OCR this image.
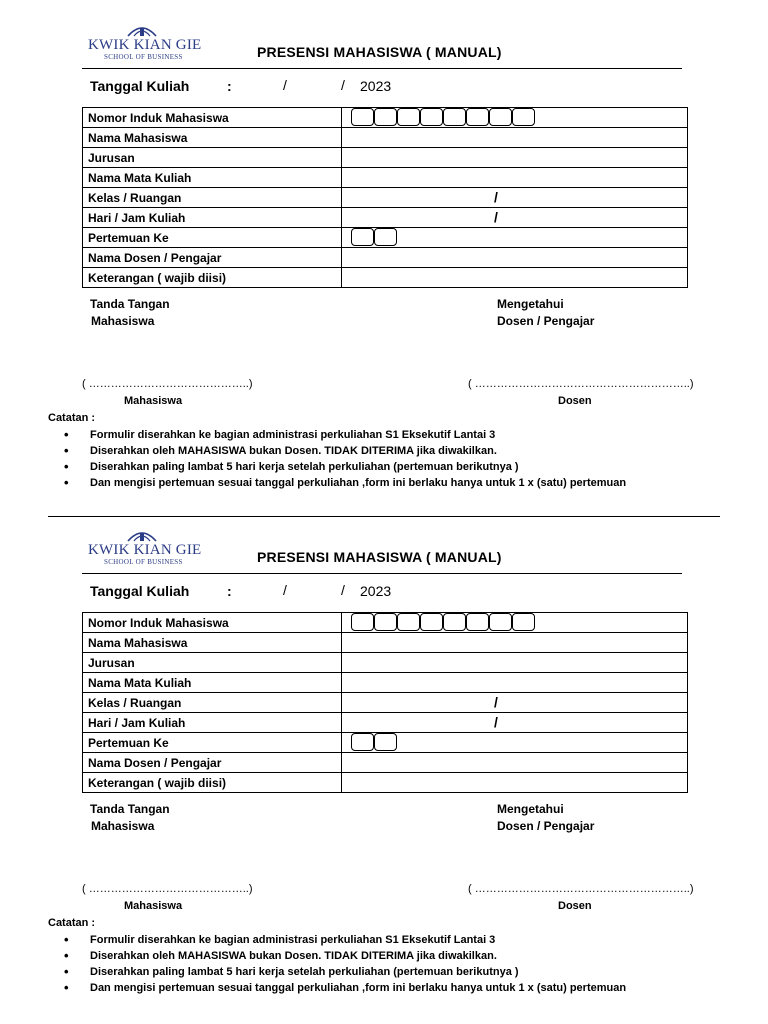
KWIK KIAN GIE
SCHOOL OF BUSINESS	PRESENSI MAHASISWA ( MANUAL)
Tanggal Kuliah	:	/	/ 2023
Nomor Induk Mahasiswa	

Nama Mahasiswa	
Jurusan	
Nama Mata Kuliah	
Kelas / Ruangan	/

Hari / Jam Kuliah	/

Pertemuan Ke	

Nama Dosen / Pengajar	
Keterangan ( wajib diisi)	
Tanda Tangan
Mahasiswa
Mengetahui
Dosen / Pengajar
( ……………………………………..)	( …………………………………………………..)
Mahasiswa	Dosen
Catatan :
• Formulir diserahkan ke bagian administrasi perkuliahan S1 Eksekutif Lantai 3
• Diserahkan oleh MAHASISWA bukan Dosen. TIDAK DITERIMA jika diwakilkan.
• Diserahkan paling lambat 5 hari kerja setelah perkuliahan (pertemuan berikutnya )
• Dan mengisi pertemuan sesuai tanggal perkuliahan ,form ini berlaku hanya untuk 1 x (satu) pertemuan
KWIK KIAN GIE
SCHOOL OF BUSINESS	PRESENSI MAHASISWA ( MANUAL)
Tanggal Kuliah	:	/	/ 2023
Nomor Induk Mahasiswa	

Nama Mahasiswa	
Jurusan	
Nama Mata Kuliah	
Kelas / Ruangan	/

Hari / Jam Kuliah	/

Pertemuan Ke	

Nama Dosen / Pengajar	
Keterangan ( wajib diisi)	
Tanda Tangan
Mahasiswa
Mengetahui
Dosen / Pengajar
( ……………………………………..)	( …………………………………………………..)
Mahasiswa	Dosen
Catatan :
• Formulir diserahkan ke bagian administrasi perkuliahan S1 Eksekutif Lantai 3
• Diserahkan oleh MAHASISWA bukan Dosen. TIDAK DITERIMA jika diwakilkan.
• Diserahkan paling lambat 5 hari kerja setelah perkuliahan (pertemuan berikutnya )
• Dan mengisi pertemuan sesuai tanggal perkuliahan ,form ini berlaku hanya untuk 1 x (satu) pertemuan
